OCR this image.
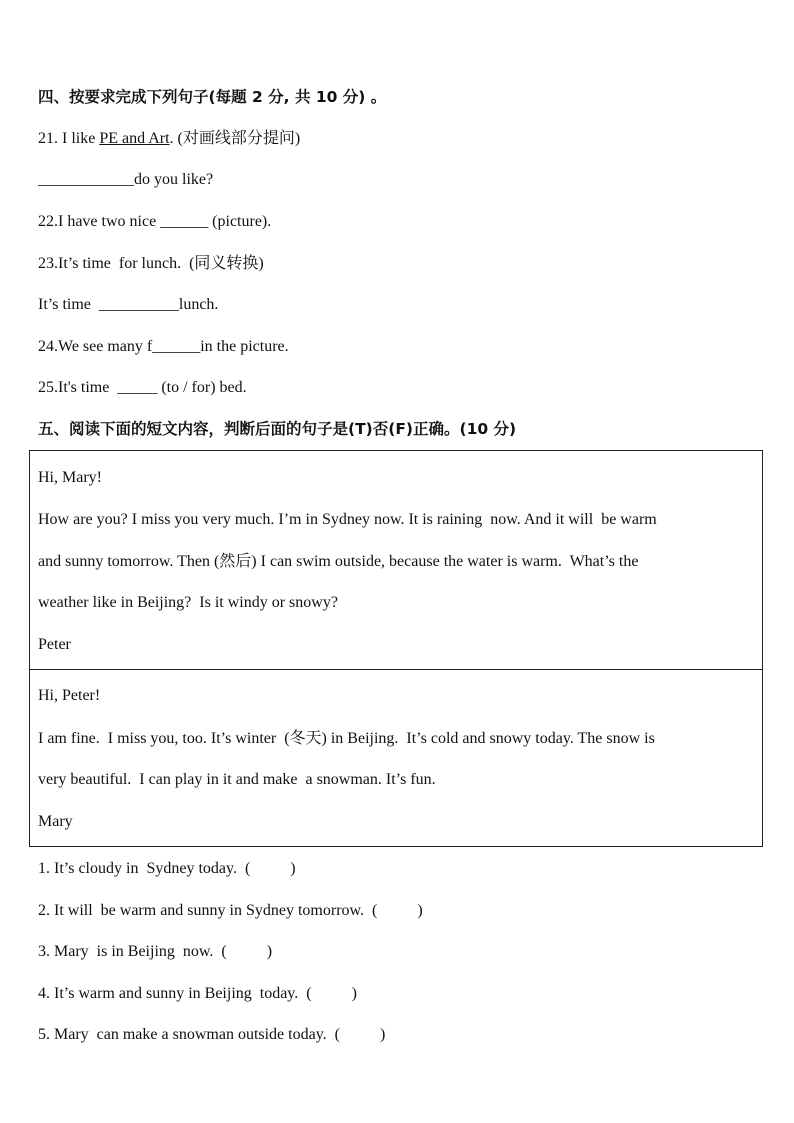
四、按要求完成下列句子(每题 2 分, 共 10 分) 。
21. I like PE and Art. (对画线部分提问)
____________do you like?
22.I have two nice ______ (picture).
23.It’s time  for lunch.  (同义转换)
It’s time  __________lunch.
24.We see many f______in the picture.
25.It's time  _____ (to / for) bed.
五、阅读下面的短文内容，判断后面的句子是(T)否(F)正确。(10 分)
Hi, Mary!
How are you? I miss you very much. I’m in Sydney now. It is raining  now. And it will  be warm
and sunny tomorrow. Then (然后) I can swim outside, because the water is warm.  What’s the
weather like in Beijing?  Is it windy or snowy?
Peter
Hi, Peter!
I am fine.  I miss you, too. It’s winter  (冬天) in Beijing.  It’s cold and snowy today. The snow is
very beautiful.  I can play in it and make  a snowman. It’s fun.
Mary
1. It’s cloudy in  Sydney today.  (          )
2. It will  be warm and sunny in Sydney tomorrow.  (          )
3. Mary  is in Beijing  now.  (          )
4. It’s warm and sunny in Beijing  today.  (          )
5. Mary  can make a snowman outside today.  (          )
